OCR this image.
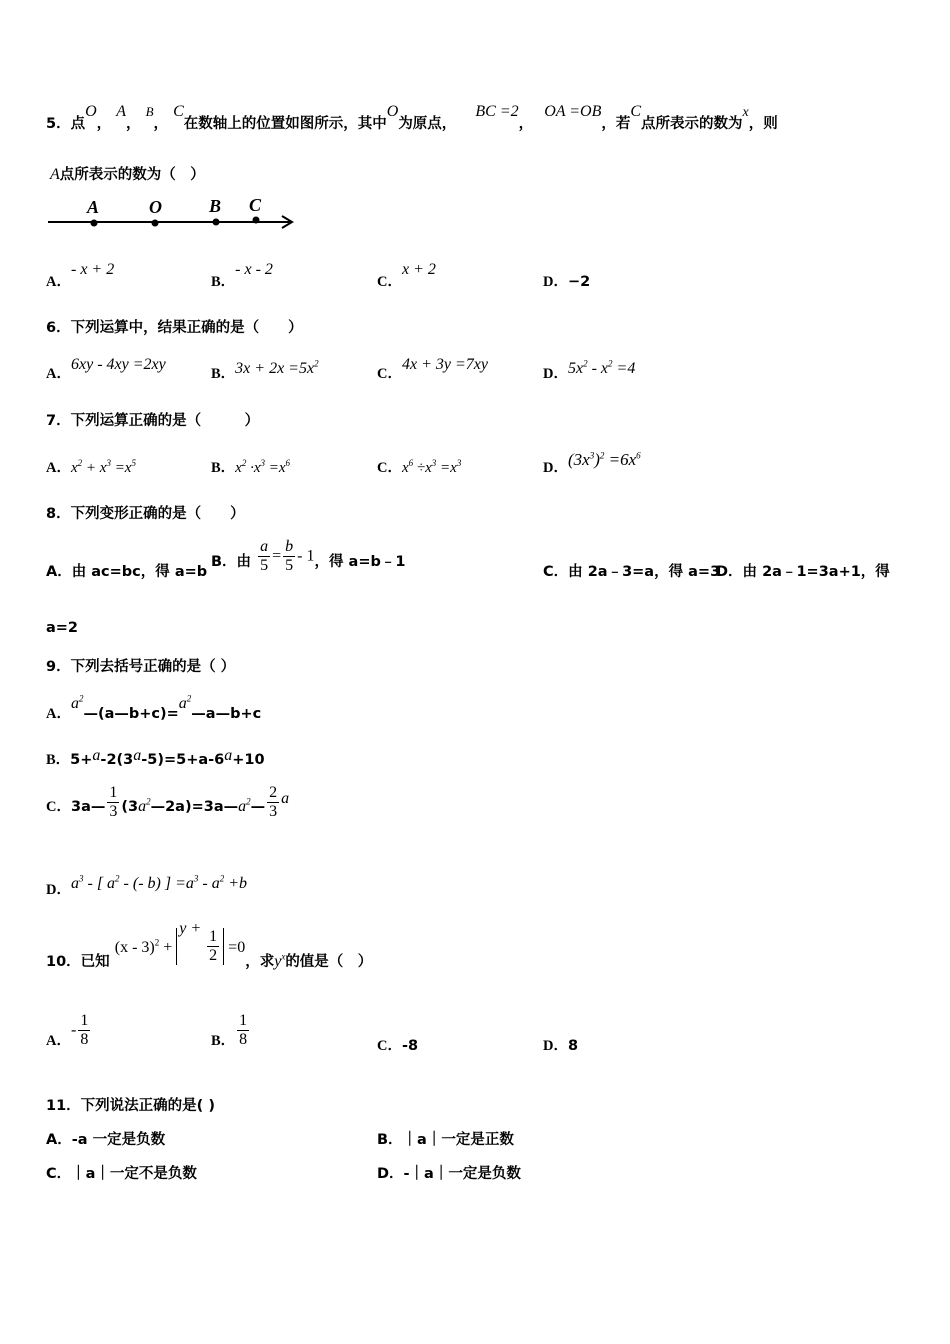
5．点O， A， B， C在数轴上的位置如图所示，其中O为原点， BC =2， OA =OB，若C点所表示的数为x，则
A点所表示的数为（　）
A	O	B C
A．- x + 2
B．- x - 2
C．x + 2
D．−2
6．下列运算中，结果正确的是（　　）
A．6xy - 4xy =2xy
B．$3x + 2x =5x^2$
C．4x + 3y =7xy
D．$5x^2 - x^2 =4$
7．下列运算正确的是（　　　）
A．$x^2 + x^3 =x^5$	B．$x^2 \cdot x^3 =x^6$	C．$x^6 \div x^3 =x^3$	D．$(3x^3)^2 =6x^6$
8．下列变形正确的是（　　）
A．由 ac=bc，得 a=b
B．由 $\frac{a}{5} = \frac{b}{5} - 1$，得 a=b﹣1
C．由 2a﹣3=a，得 a=3
D．由 2a﹣1=3a+1，得
a=2
9．下列去括号正确的是（ ）
A．$a^2—(a—b+c)=a^2—a—b+c$
B．5+a-2(3a-5)=5+a-6a+10
C．3a— $\frac{1}{3}$ $(3a^2—2a)=3a—a^2— \frac{2}{3}$ a
D．$a^3$ - [ $a^2$ - (- b) ] $=a^3 - a^2 +b$
10．已知 $(x - 3)^2 + y + \frac{1}{2} =0$，求$y^x$的值是（　）
A．- $\frac{1}{8}$	B． $\frac{1}{8}$	C．-8	D．8
11．下列说法正确的是( )
A．-a 一定是负数	B．｜a｜一定是正数
C．｜a｜一定不是负数	D．-｜a｜一定是负数
